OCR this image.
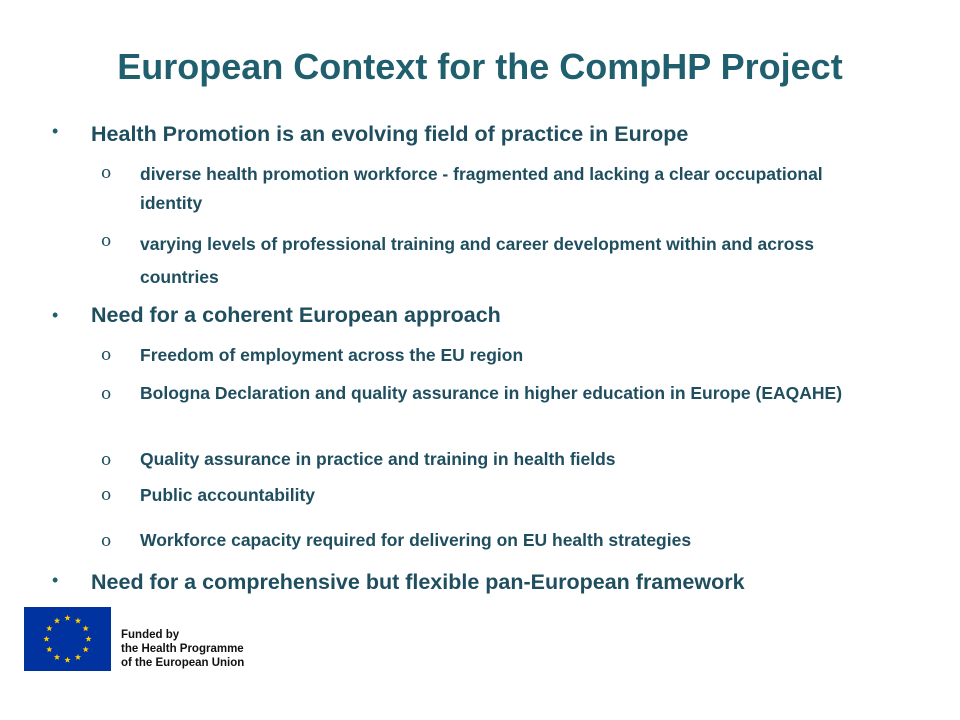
European Context for the CompHP Project
• Health Promotion is an evolving field of practice in Europe
o diverse health promotion workforce - fragmented and lacking a clear occupational identity
o varying levels of professional training and career development within and across countries
• Need for a coherent European approach
o Freedom of employment across the EU region
o Bologna Declaration and quality assurance in higher education in Europe (EAQAHE)
o Quality assurance in practice and training in health fields
o Public accountability
o Workforce capacity required for delivering on EU health strategies
• Need for a comprehensive but flexible pan-European framework
Funded by
the Health Programme
of the European Union
